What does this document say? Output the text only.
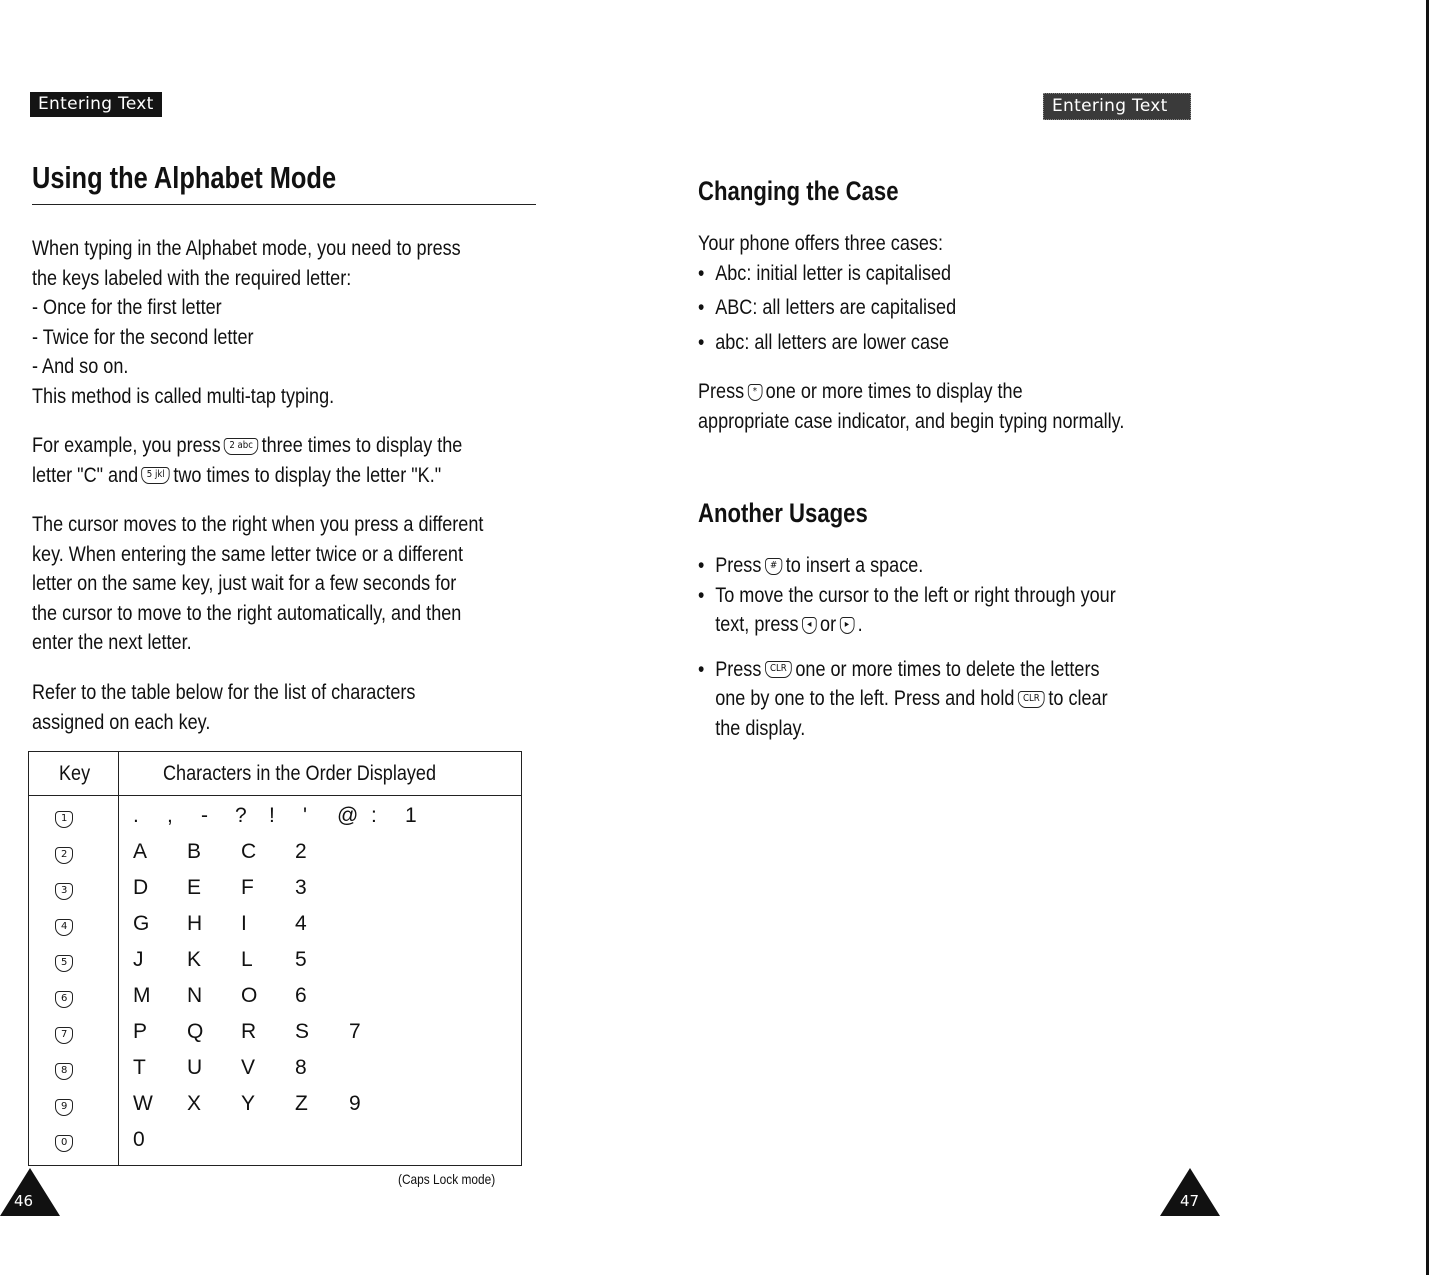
Entering Text
Using the Alphabet Mode

When typing in the Alphabet mode, you need to press

the keys labeled with the required letter:

- Once for the first letter

- Twice for the second letter

- And so on.

This method is called multi-tap typing.

For example, you press 2 abc three times to display the

letter "C" and 5 jkl two times to display the letter "K."

The cursor moves to the right when you press a different

key. When entering the same letter twice or a different

letter on the same key, just wait for a few seconds for

the cursor to move to the right automatically, and then

enter the next letter.

Refer to the table below for the list of characters

assigned on each key.

Key	Characters in the Order Displayed
1	. , - ? ! ' @ : 1
2	A B C 2
3	D E F 3
4	G H I 4
5	J K L 5
6	M N O 6
7	P Q R S 7
8	T U V 8
9	W X Y Z 9
0	0
(Caps Lock mode)
46
Entering Text
Changing the Case

Your phone offers three cases:

• Abc: initial letter is capitalised

• ABC: all letters are capitalised

• abc: all letters are lower case

Press * one or more times to display the

appropriate case indicator, and begin typing normally.

Another Usages

• Press # to insert a space.

• To move the cursor to the left or right through your
text, press ◂ or ▸ .
• Press CLR one or more times to delete the letters
one by one to the left. Press and hold CLR to clear
the display.
47
